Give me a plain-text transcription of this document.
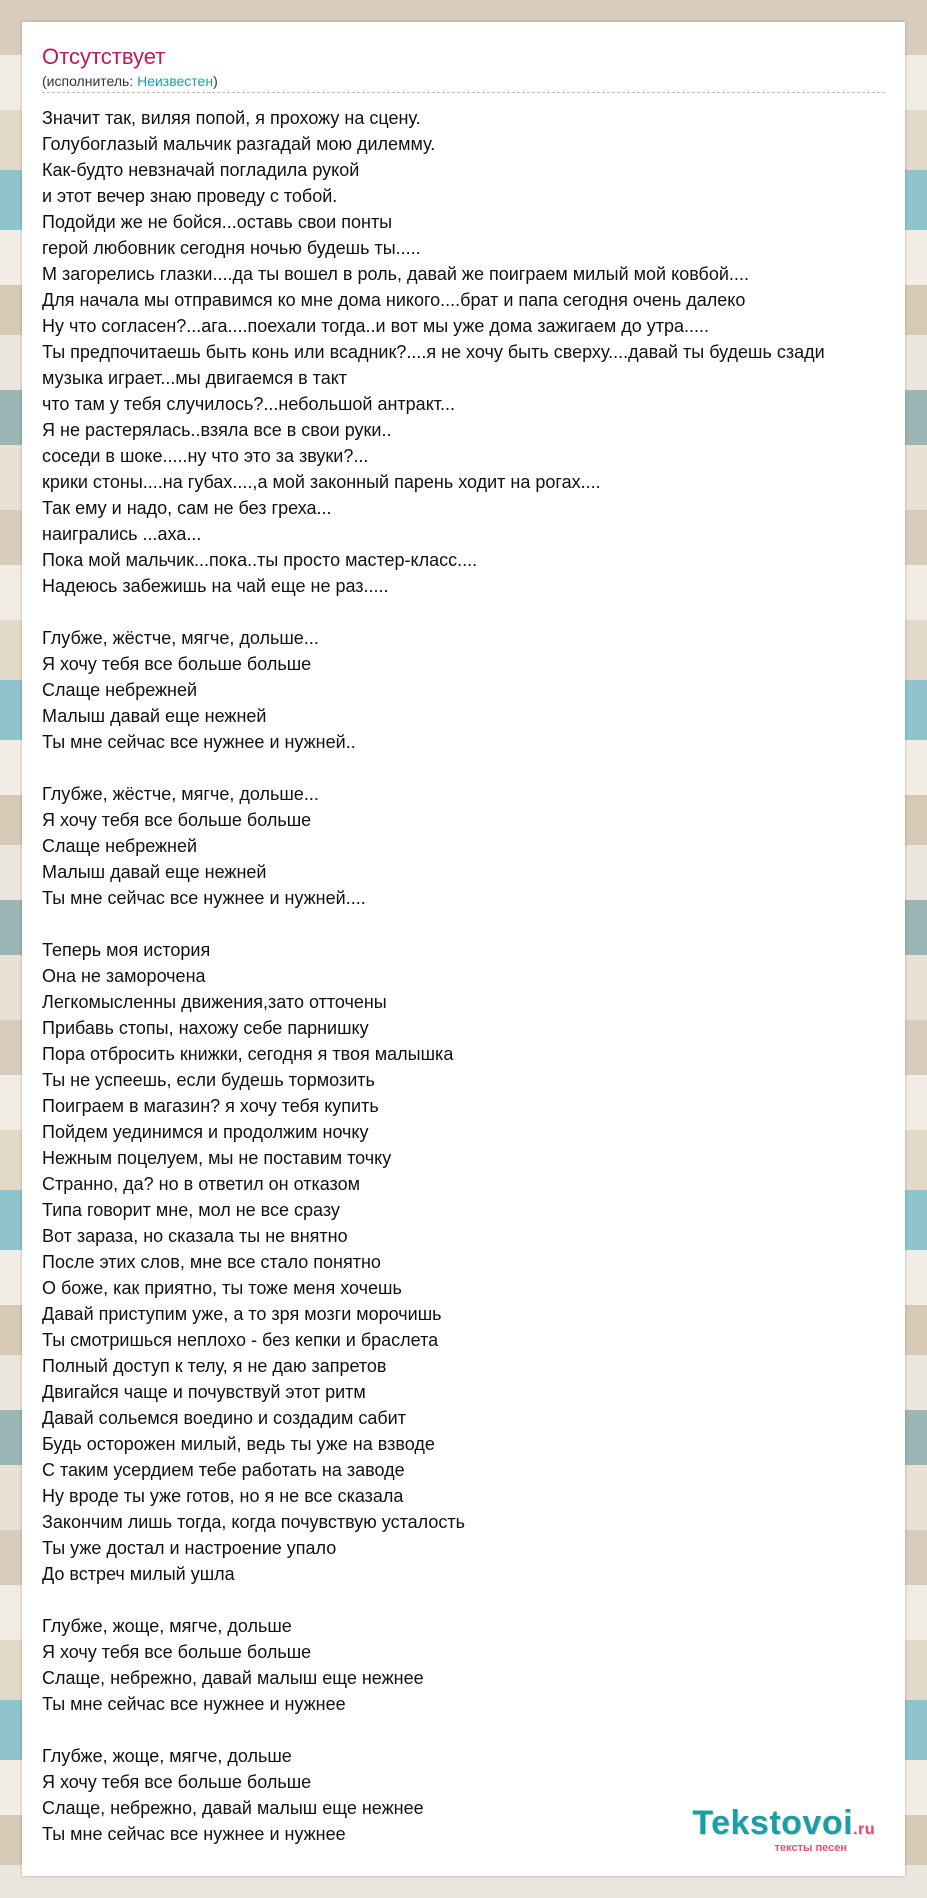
Отсутствует
(исполнитель: Неизвестен)
Значит так, виляя попой, я прохожу на сцену.
Голубоглазый мальчик разгадай мою дилемму.
Как-будто невзначай погладила рукой
и этот вечер знаю проведу с тобой.
Подойди же не бойся...оставь свои понты
герой любовник сегодня ночью будешь ты.....
М загорелись глазки....да ты вошел в роль, давай же поиграем милый мой ковбой....
Для начала мы отправимся ко мне дома никого....брат и папа сегодня очень далеко
Ну что согласен?...ага....поехали тогда..и вот мы уже дома зажигаем до утра.....
Ты предпочитаешь быть конь или всадник?....я не хочу быть сверху....давай ты будешь сзади
музыка играет...мы двигаемся в такт
что там у тебя случилось?...небольшой антракт...
Я не растерялась..взяла все в свои руки..
соседи в шоке.....ну что это за звуки?...
крики стоны....на губах....,а мой законный парень ходит на рогах....
Так ему и надо, сам не без греха...
наигрались ...аха...
Пока мой мальчик...пока..ты просто мастер-класс....
Надеюсь забежишь на чай еще не раз.....
Глубже, жёстче, мягче, дольше...
Я хочу тебя все больше больше
Слаще небрежней
Малыш давай еще нежней
Ты мне сейчас все нужнее и нужней..
Глубже, жёстче, мягче, дольше...
Я хочу тебя все больше больше
Слаще небрежней
Малыш давай еще нежней
Ты мне сейчас все нужнее и нужней....
Теперь моя история
Она не заморочена
Легкомысленны движения,зато отточены
Прибавь стопы, нахожу себе парнишку
Пора отбросить книжки, сегодня я твоя малышка
Ты не успеешь, если будешь тормозить
Поиграем в магазин? я хочу тебя купить
Пойдем уединимся и продолжим ночку
Нежным поцелуем, мы не поставим точку
Странно, да? но в ответил он отказом
Типа говорит мне, мол не все сразу
Вот зараза, но сказала ты не внятно
После этих слов, мне все стало понятно
О боже, как приятно, ты тоже меня хочешь
Давай приступим уже, а то зря мозги морочишь
Ты смотришься неплохо - без кепки и браслета
Полный доступ к телу, я не даю запретов
Двигайся чаще и почувствуй этот ритм
Давай сольемся воедино и создадим сабит
Будь осторожен милый, ведь ты уже на взводе
С таким усердием тебе работать на заводе
Ну вроде ты уже готов, но я не все сказала
Закончим лишь тогда, когда почувствую усталость
Ты уже достал и настроение упало
До встреч милый ушла
Глубже, жоще, мягче, дольше
Я хочу тебя все больше больше
Слаще, небрежно, давай малыш еще нежнее
Ты мне сейчас все нужнее и нужнее
Глубже, жоще, мягче, дольше
Я хочу тебя все больше больше
Слаще, небрежно, давай малыш еще нежнее
Ты мне сейчас все нужнее и нужнее	Tekstovoi.ru
тексты песен
